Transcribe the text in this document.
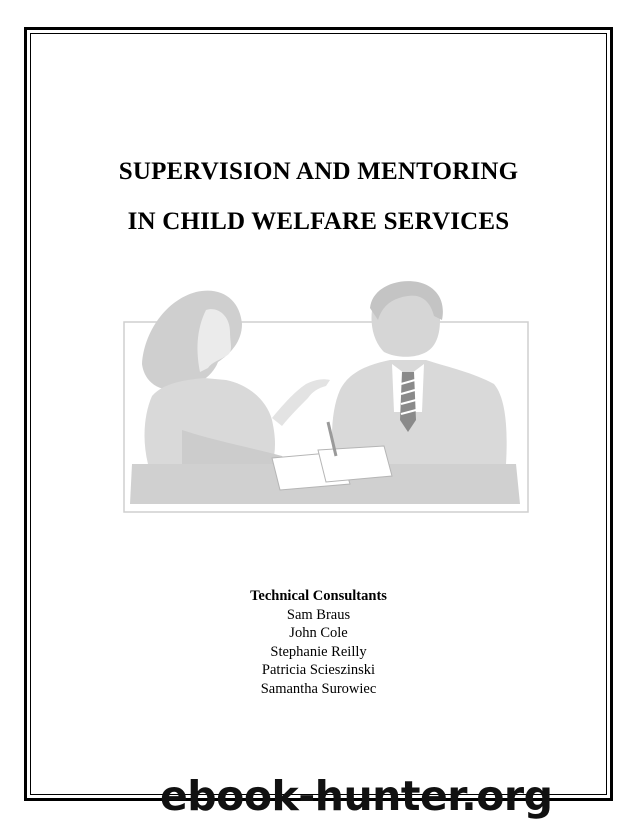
SUPERVISION AND MENTORING
IN CHILD WELFARE SERVICES
Technical Consultants
Sam Braus
John Cole
Stephanie Reilly
Patricia Scieszinski
Samantha Surowiec
ebook-hunter.org
